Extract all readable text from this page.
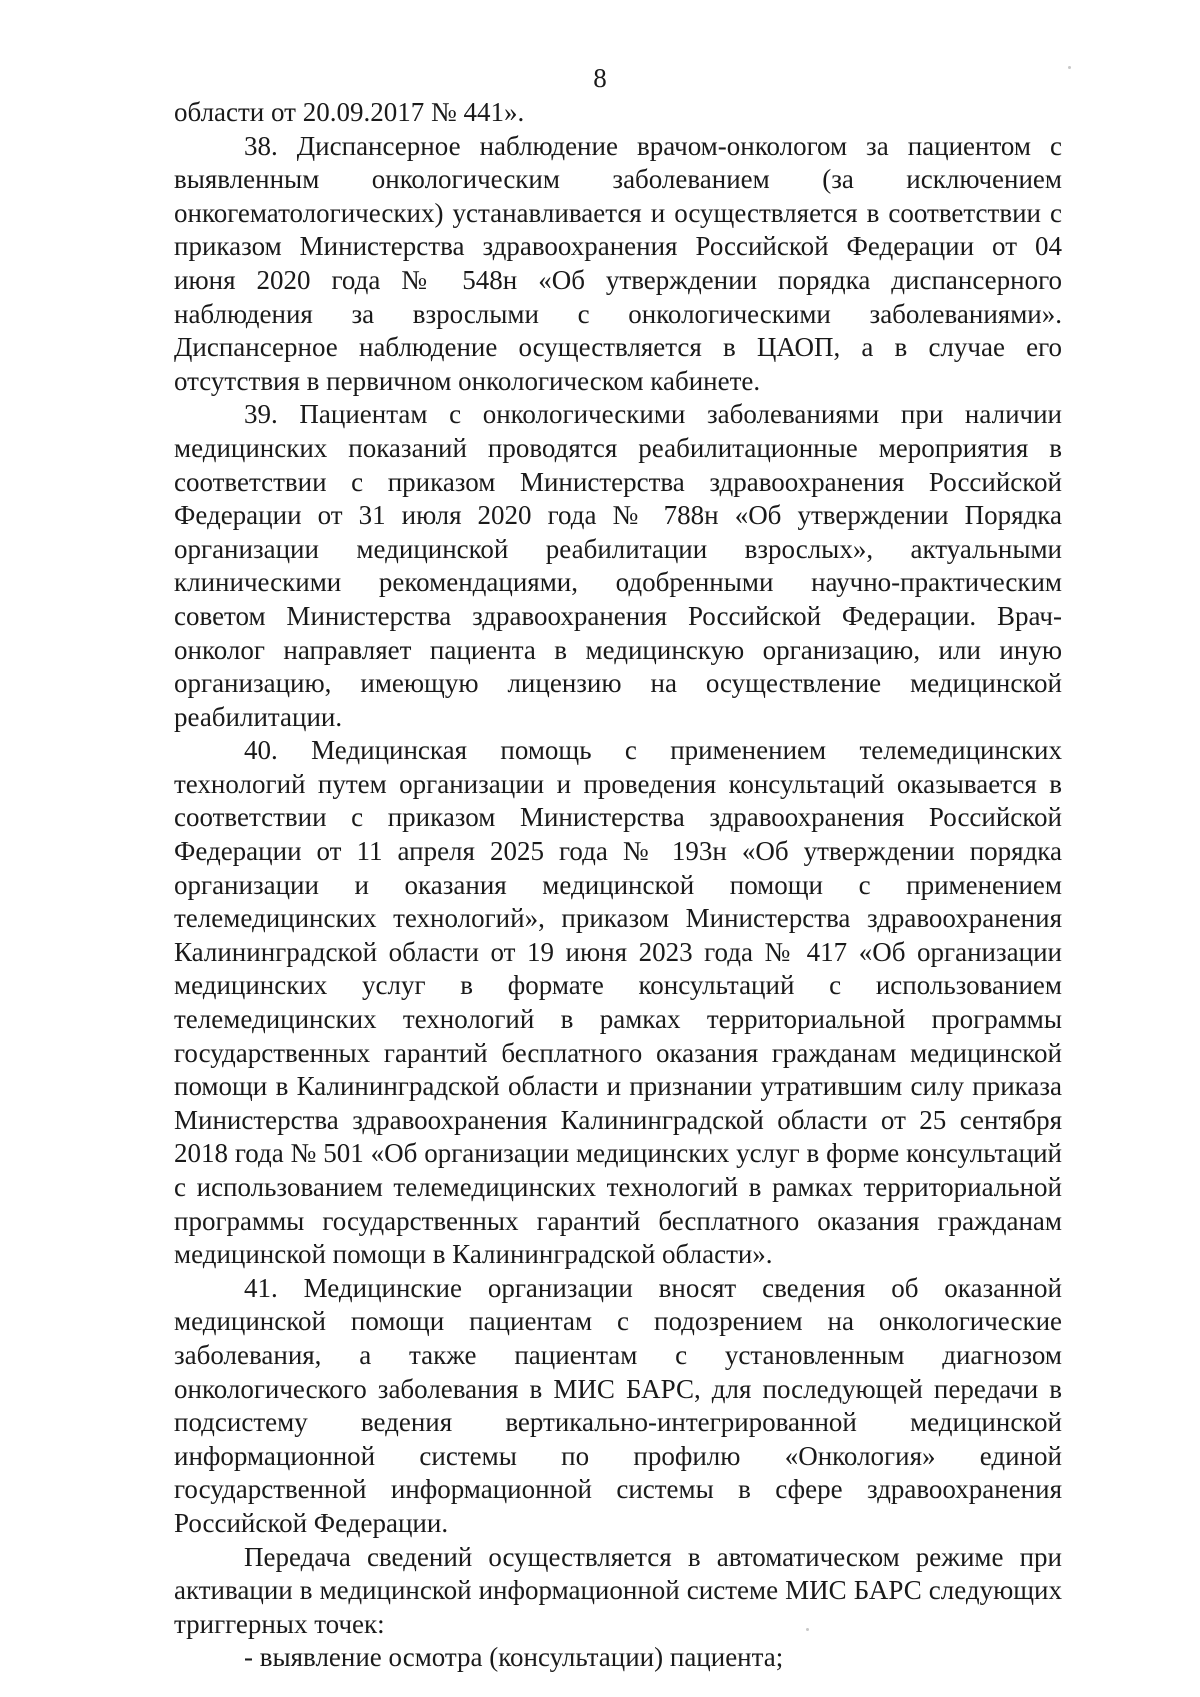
8

области от 20.09.2017 № 441».

38. Диспансерное наблюдение врачом-онкологом за пациентом с выявленным онкологическим заболеванием (за исключением онкогематологических) устанавливается и осуществляется в соответствии с приказом Министерства здравоохранения Российской Федерации от 04 июня 2020 года № 548н «Об утверждении порядка диспансерного наблюдения за взрослыми с онкологическими заболеваниями». Диспансерное наблюдение осуществляется в ЦАОП, а в случае его отсутствия в первичном онкологическом кабинете.

39. Пациентам с онкологическими заболеваниями при наличии медицинских показаний проводятся реабилитационные мероприятия в соответствии с приказом Министерства здравоохранения Российской Федерации от 31 июля 2020 года № 788н «Об утверждении Порядка организации медицинской реабилитации взрослых», актуальными клиническими рекомендациями, одобренными научно-практическим советом Министерства здравоохранения Российской Федерации. Врач-онколог направляет пациента в медицинскую организацию, или иную организацию, имеющую лицензию на осуществление медицинской реабилитации.

40. Медицинская помощь с применением телемедицинских технологий путем организации и проведения консультаций оказывается в соответствии с приказом Министерства здравоохранения Российской Федерации от 11 апреля 2025 года № 193н «Об утверждении порядка организации и оказания медицинской помощи с применением телемедицинских технологий», приказом Министерства здравоохранения Калининградской области от 19 июня 2023 года № 417 «Об организации медицинских услуг в формате консультаций с использованием телемедицинских технологий в рамках территориальной программы государственных гарантий бесплатного оказания гражданам медицинской помощи в Калининградской области и признании утратившим силу приказа Министерства здравоохранения Калининградской области от 25 сентября 2018 года № 501 «Об организации медицинских услуг в форме консультаций с использованием телемедицинских технологий в рамках территориальной программы государственных гарантий бесплатного оказания гражданам медицинской помощи в Калининградской области».

41. Медицинские организации вносят сведения об оказанной медицинской помощи пациентам с подозрением на онкологические заболевания, а также пациентам с установленным диагнозом онкологического заболевания в МИС БАРС, для последующей передачи в подсистему ведения вертикально-интегрированной медицинской информационной системы по профилю «Онкология» единой государственной информационной системы в сфере здравоохранения Российской Федерации.

Передача сведений осуществляется в автоматическом режиме при активации в медицинской информационной системе МИС БАРС следующих триггерных точек:

- выявление осмотра (консультации) пациента;
